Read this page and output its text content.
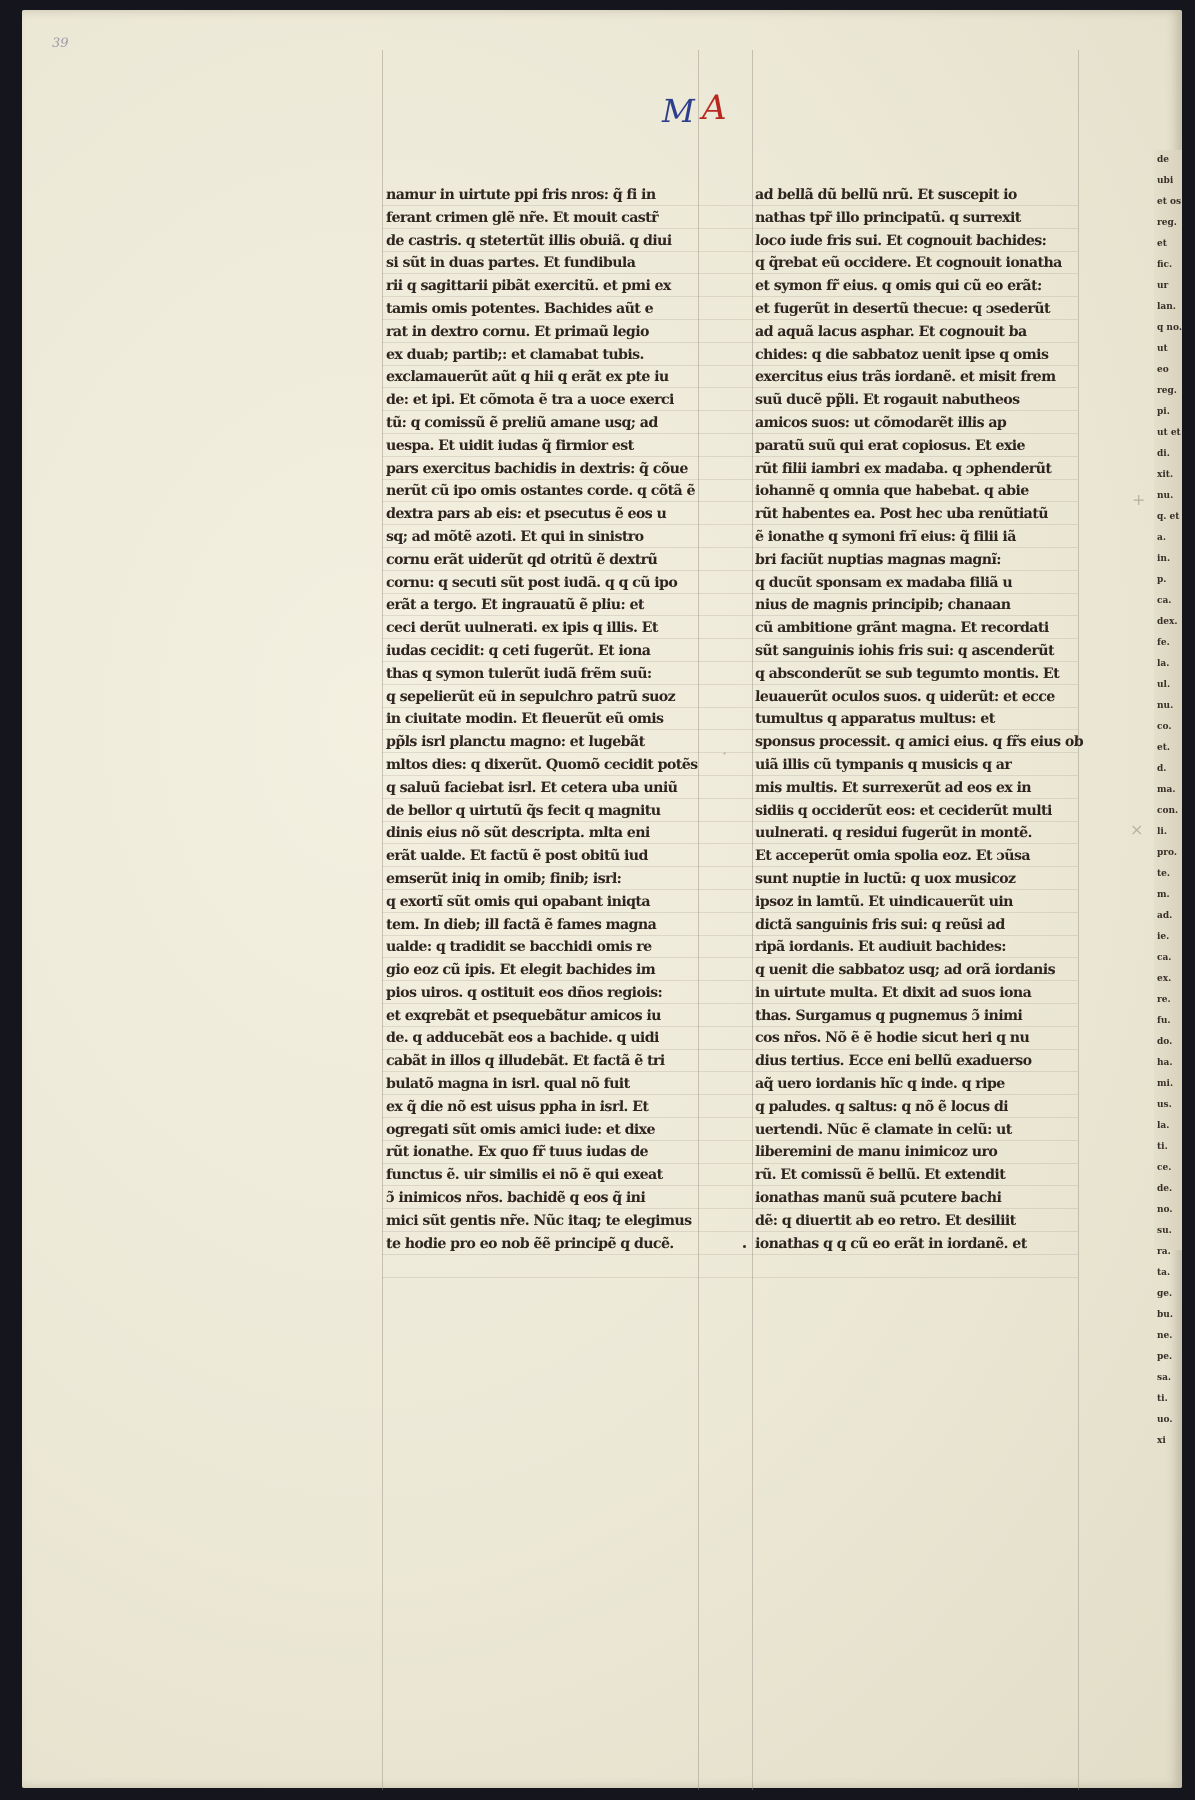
39
M A
namur in uirtute ppi fris nros: q̃ fi in
ferant crimen glẽ nr̃e. Et mouit castr̃
de castris. q stetertũt illis obuiã. q diui
si sũt in duas partes. Et fundibula
rii q sagittarii pibãt exercitũ. et pmi ex
tamis omis potentes. Bachides aũt e
rat in dextro cornu. Et primaũ legio
ex duab; partib;: et clamabat tubis.
exclamauerũt aũt q hii q erãt ex pte iu
de: et ipi. Et cõmota ẽ tra a uoce exerci
tũ: q comissũ ẽ preliũ amane usq; ad
uespa. Et uidit iudas q̃ firmior est
pars exercitus bachidis in dextris: q̃ cõue
nerũt cũ ipo omis ostantes corde. q cõtã ẽ
dextra pars ab eis: et psecutus ẽ eos u
sq; ad mõtẽ azoti. Et qui in sinistro
cornu erãt uiderũt qd otritũ ẽ dextrũ
cornu: q secuti sũt post iudã. q q cũ ipo
erãt a tergo. Et ingrauatũ ẽ pliu: et
ceci derũt uulnerati. ex ipis q illis. Et
iudas cecidit: q ceti fugerũt. Et iona
thas q symon tulerũt iudã frẽm suũ:
q sepelierũt eũ in sepulchro patrũ suoz
in ciuitate modin. Et fleuerũt eũ omis
pp̃ls isrl planctu magno: et lugebãt
mltos dies: q dixerũt. Quomõ cecidit potẽs
q saluũ faciebat isrl. Et cetera uba uniũ
de bellor q uirtutũ q̃s fecit q magnitu
dinis eius nõ sũt descripta. mlta eni
erãt ualde. Et factũ ẽ post obitũ iud
emserũt iniq in omib; finib; isrl:
q exortĩ sũt omis qui opabant iniqta
tem. In dieb; ill factã ẽ fames magna
ualde: q tradidit se bacchidi omis re
gio eoz cũ ipis. Et elegit bachides im
pios uiros. q ostituit eos dños regiois:
et exqrebãt et psequebãtur amicos iu
de. q adducebãt eos a bachide. q uidi
cabãt in illos q illudebãt. Et factã ẽ tri
bulatõ magna in isrl. qual nõ fuit
ex q̃ die nõ est uisus ppha in isrl. Et
ogregati sũt omis amici iude: et dixe
rũt ionathe. Ex quo fr̃ tuus iudas de
functus ẽ. uir similis ei nõ ẽ qui exeat
ɔ̃ inimicos nr̃os. bachidẽ q eos q̃ ini
mici sũt gentis nr̃e. Nũc itaq; te elegimus
te hodie pro eo nob ẽẽ principẽ q ducẽ.
ad bellã dũ bellũ nrũ. Et suscepit io
nathas tpr̃ illo principatũ. q surrexit
loco iude fris sui. Et cognouit bachides:
q q̃rebat eũ occidere. Et cognouit ionatha
et symon fr̃ eius. q omis qui cũ eo erãt:
et fugerũt in desertũ thecue: q ɔsederũt
ad aquã lacus asphar. Et cognouit ba
chides: q die sabbatoz uenit ipse q omis
exercitus eius trãs iordanẽ. et misit frem
suũ ducẽ pp̃li. Et rogauit nabutheos
amicos suos: ut cõmodarẽt illis ap
paratũ suũ qui erat copiosus. Et exie
rũt filii iambri ex madaba. q ɔphenderũt
iohannẽ q omnia que habebat. q abie
rũt habentes ea. Post hec uba renũtiatũ
ẽ ionathe q symoni frĩ eius: q̃ filii iã
bri faciũt nuptias magnas magnĩ:
q ducũt sponsam ex madaba filiã u
nius de magnis principib; chanaan
cũ ambitione grãnt magna. Et recordati
sũt sanguinis iohis fris sui: q ascenderũt
q absconderũt se sub tegumto montis. Et
leuauerũt oculos suos. q uiderũt: et ecce
tumultus q apparatus multus: et
sponsus processit. q amici eius. q fr̃s eius ob
uiã illis cũ tympanis q musicis q ar
mis multis. Et surrexerũt ad eos ex in
sidiis q occiderũt eos: et ceciderũt multi
uulnerati. q residui fugerũt in montẽ.
Et acceperũt omia spolia eoz. Et ɔũsa
sunt nuptie in luctũ: q uox musicoz
ipsoz in lamtũ. Et uindicauerũt uin
dictã sanguinis fris sui: q reũsi ad
ripã iordanis. Et audiuit bachides:
q uenit die sabbatoz usq; ad orã iordanis
in uirtute multa. Et dixit ad suos iona
thas. Surgamus q pugnemus ɔ̃ inimi
cos nr̃os. Nõ ẽ ẽ hodie sicut heri q nu
dius tertius. Ecce eni bellũ exaduerso
aq̃ uero iordanis hĩc q inde. q ripe
q paludes. q saltus: q nõ ẽ locus di
uertendi. Nũc ẽ clamate in celũ: ut
liberemini de manu inimicoz uro
rũ. Et comissũ ẽ bellũ. Et extendit
ionathas manũ suã pcutere bachi
dẽ: q diuertit ab eo retro. Et desiliit
ionathas q q cũ eo erãt in iordanẽ. et
+
×
·
de ubi et os reg. et fic. ur lan. q no. ut eo reg. pi. ut et di. xit. nu. q. et a. in. p. ca. dex. fe. la. ul. nu. co. et. d. ma. con. li. pro. te. m. ad. ie. ca. ex. re. fu. do. ha. mi. us. la. ti. ce. de. no. su. ra. ta. ge. bu. ne. pe. sa. ti. uo. xi
